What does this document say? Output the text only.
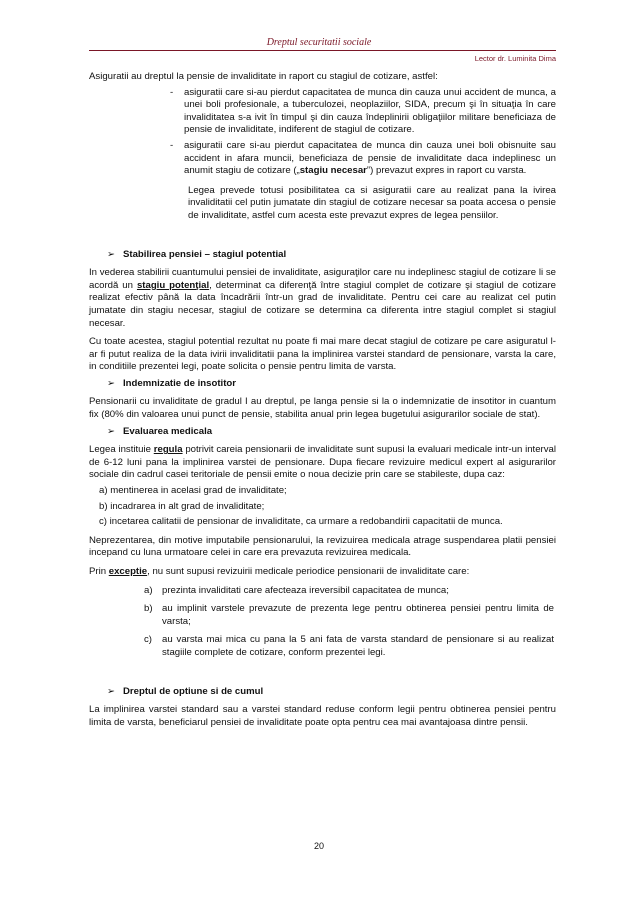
Dreptul securitatii sociale
Lector dr. Luminita Dima

Asiguratii au dreptul la pensie de invaliditate in raport cu stagiul de cotizare, astfel:

-	asiguratii care si-au pierdut capacitatea de munca din cauza unui accident de munca, a unei boli profesionale, a tuberculozei, neoplaziilor, SIDA, precum şi în situaţia în care invaliditatea s-a ivit în timpul şi din cauza îndeplinirii obligaţiilor militare beneficiaza de pensie de invaliditate, indiferent de stagiul de cotizare.
-	asiguratii care si-au pierdut capacitatea de munca din cauza unei boli obisnuite sau accident in afara muncii, beneficiaza de pensie de invaliditate daca indeplinesc un anumit stagiu de cotizare („stagiu necesar”) prevazut expres in raport cu varsta.

Legea prevede totusi posibilitatea ca si asiguratii care au realizat pana la ivirea invaliditatii cel putin jumatate din stagiul de cotizare necesar sa poata accesa o pensie de invaliditate, astfel cum acesta este prevazut expres de legea pensiilor.

➢ Stabilirea pensiei – stagiul potential

In vederea stabilirii cuantumului pensiei de invaliditate, asiguraţilor care nu indeplinesc stagiul de cotizare li se acordă un stagiu potenţial, determinat ca diferenţă între stagiul complet de cotizare şi stagiul de cotizare realizat efectiv până la data încadrării într-un grad de invaliditate. Pentru cei care au realizat cel putin jumatate din stagiu necesar, stagiul de cotizare se determina ca diferenta intre stagiul complet si stagiul necesar.

Cu toate acestea, stagiul potential rezultat nu poate fi mai mare decat stagiul de cotizare pe care asiguratul l-ar fi putut realiza de la data ivirii invaliditatii pana la implinirea varstei standard de pensionare, varsta la care, in conditiile prezentei legi, poate solicita o pensie pentru limita de varsta.

➢ Indemnizatie de insotitor

Pensionarii cu invaliditate de gradul I au dreptul, pe langa pensie si la o indemnizatie de insotitor in cuantum fix (80% din valoarea unui punct de pensie, stabilita anual prin legea bugetului asigurarilor sociale de stat).

➢ Evaluarea medicala

Legea instituie regula potrivit careia pensionarii de invaliditate sunt supusi la evaluari medicale intr-un interval de 6-12 luni pana la implinirea varstei de pensionare. Dupa fiecare revizuire medicul expert al asigurarilor sociale din cadrul casei teritoriale de pensii emite o noua decizie prin care se stabileste, dupa caz:

a) mentinerea in acelasi grad de invaliditate;

b) incadrarea in alt grad de invaliditate;

c) incetarea calitatii de pensionar de invaliditate, ca urmare a redobandirii capacitatii de munca.

Neprezentarea, din motive imputabile pensionarului, la revizuirea medicala atrage suspendarea platii pensiei incepand cu luna urmatoare celei in care era prevazuta revizuirea medicala.

Prin exceptie, nu sunt supusi revizuirii medicale periodice pensionarii de invaliditate care:

a) prezinta invaliditati care afecteaza ireversibil capacitatea de munca;
b) au implinit varstele prevazute de prezenta lege pentru obtinerea pensiei pentru limita de varsta;
c)	au varsta mai mica cu pana la 5 ani fata de varsta standard de pensionare si au realizat stagiile complete de cotizare, conform prezentei legi.
➢ Dreptul de optiune si de cumul

La implinirea varstei standard sau a varstei standard reduse conform legii pentru obtinerea pensiei pentru limita de varsta, beneficiarul pensiei de invaliditate poate opta pentru cea mai avantajoasa dintre pensii.

20
